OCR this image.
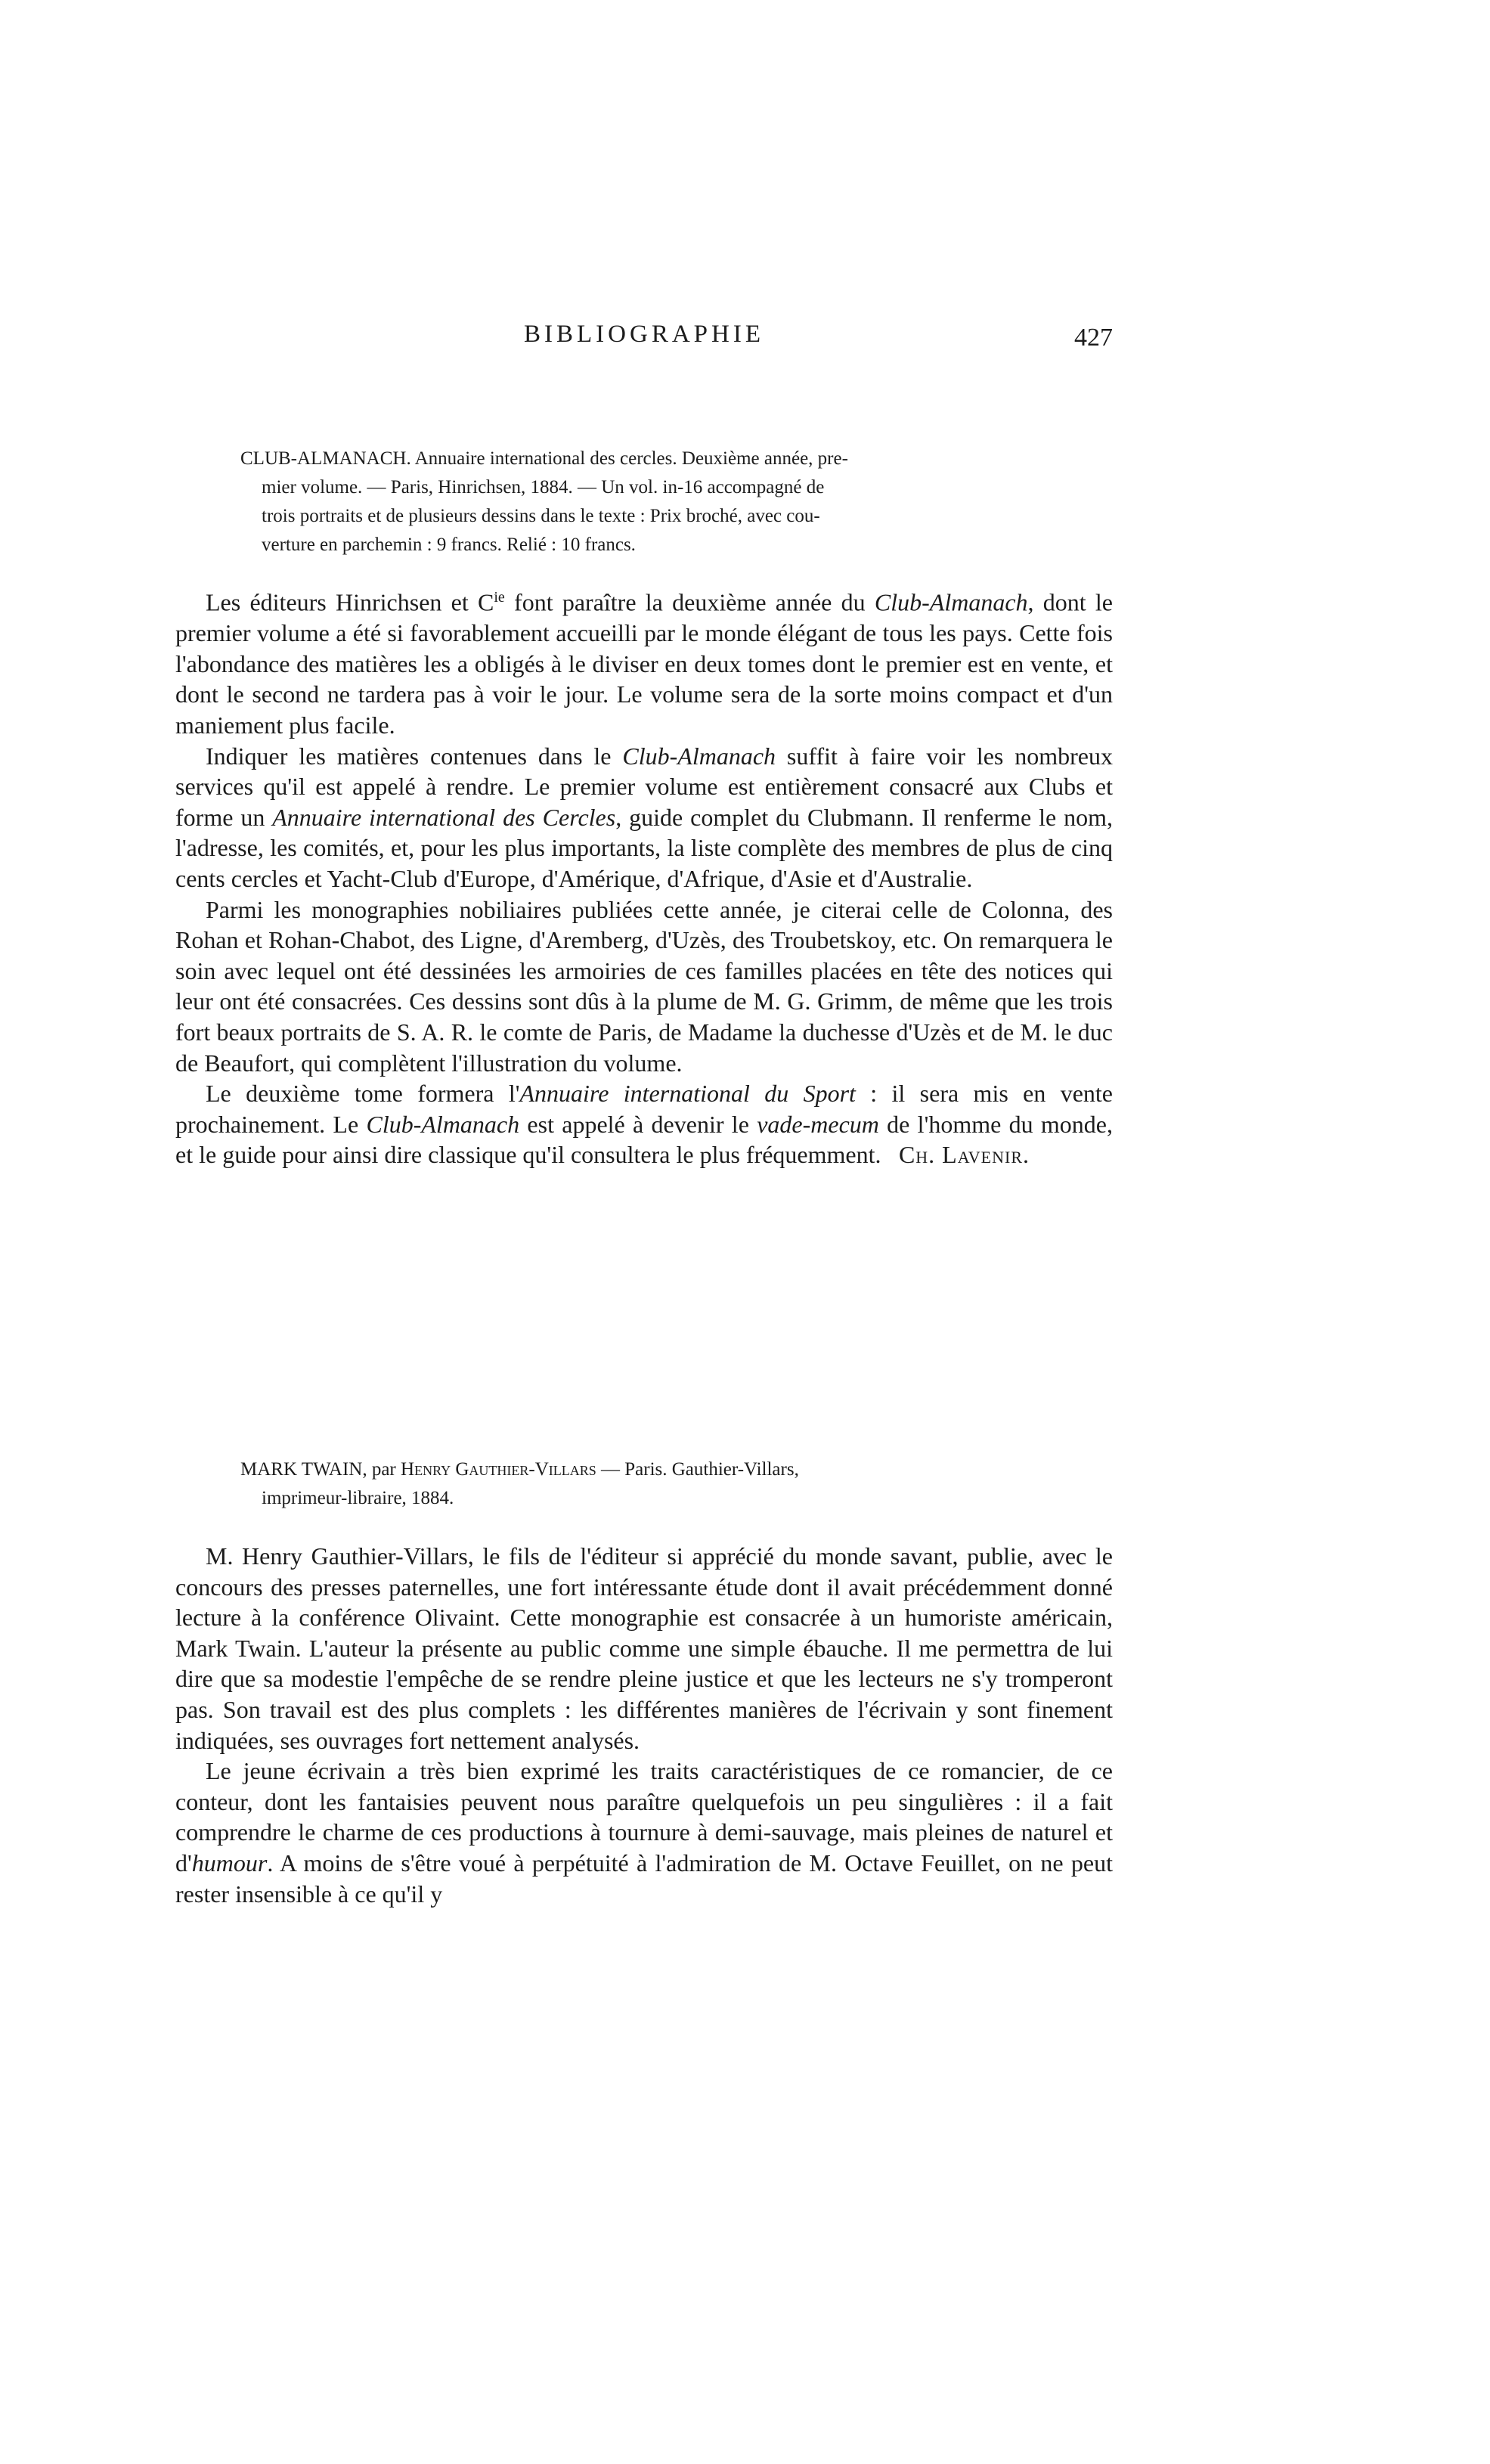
BIBLIOGRAPHIE	427
CLUB-ALMANACH. Annuaire international des cercles. Deuxième année, pre-
mier volume. — Paris, Hinrichsen, 1884. — Un vol. in-16 accompagné de
trois portraits et de plusieurs dessins dans le texte : Prix broché, avec cou-
verture en parchemin : 9 francs. Relié : 10 francs.

Les éditeurs Hinrichsen et $C^{ie}$ font paraître la deuxième année du Club-Almanach, dont le premier volume a été si favorablement accueilli par le monde élégant de tous les pays. Cette fois l'abondance des matières les a obligés à le diviser en deux tomes dont le premier est en vente, et dont le second ne tardera pas à voir le jour. Le volume sera de la sorte moins compact et d'un maniement plus facile.

Indiquer les matières contenues dans le Club-Almanach suffit à faire voir les nombreux services qu'il est appelé à rendre. Le premier volume est entièrement consacré aux Clubs et forme un Annuaire international des Cercles, guide complet du Clubmann. Il renferme le nom, l'adresse, les comités, et, pour les plus importants, la liste complète des membres de plus de cinq cents cercles et Yacht-Club d'Europe, d'Amérique, d'Afrique, d'Asie et d'Australie.

Parmi les monographies nobiliaires publiées cette année, je citerai celle de Colonna, des Rohan et Rohan-Chabot, des Ligne, d'Aremberg, d'Uzès, des Troubetskoy, etc. On remarquera le soin avec lequel ont été dessinées les armoiries de ces familles placées en tête des notices qui leur ont été consacrées. Ces dessins sont dûs à la plume de M. G. Grimm, de même que les trois fort beaux portraits de S. A. R. le comte de Paris, de Madame la duchesse d'Uzès et de M. le duc de Beaufort, qui complètent l'illustration du volume.

Le deuxième tome formera l'Annuaire international du Sport : il sera mis en vente prochainement. Le Club-Almanach est appelé à devenir le vade-mecum de l'homme du monde, et le guide pour ainsi dire classique qu'il consultera le plus fréquemment. Ch. Lavenir.

MARK TWAIN, par Henry Gauthier-Villars — Paris. Gauthier-Villars,
imprimeur-libraire, 1884.

M. Henry Gauthier-Villars, le fils de l'éditeur si apprécié du monde savant, publie, avec le concours des presses paternelles, une fort intéressante étude dont il avait précédemment donné lecture à la conférence Olivaint. Cette monographie est consacrée à un humoriste américain, Mark Twain. L'auteur la présente au public comme une simple ébauche. Il me permettra de lui dire que sa modestie l'empêche de se rendre pleine justice et que les lecteurs ne s'y tromperont pas. Son travail est des plus complets : les différentes manières de l'écrivain y sont finement indiquées, ses ouvrages fort nettement analysés.

Le jeune écrivain a très bien exprimé les traits caractéristiques de ce romancier, de ce conteur, dont les fantaisies peuvent nous paraître quelquefois un peu singulières : il a fait comprendre le charme de ces productions à tournure à demi-sauvage, mais pleines de naturel et d'humour. A moins de s'être voué à perpétuité à l'admiration de M. Octave Feuillet, on ne peut rester insensible à ce qu'il y
